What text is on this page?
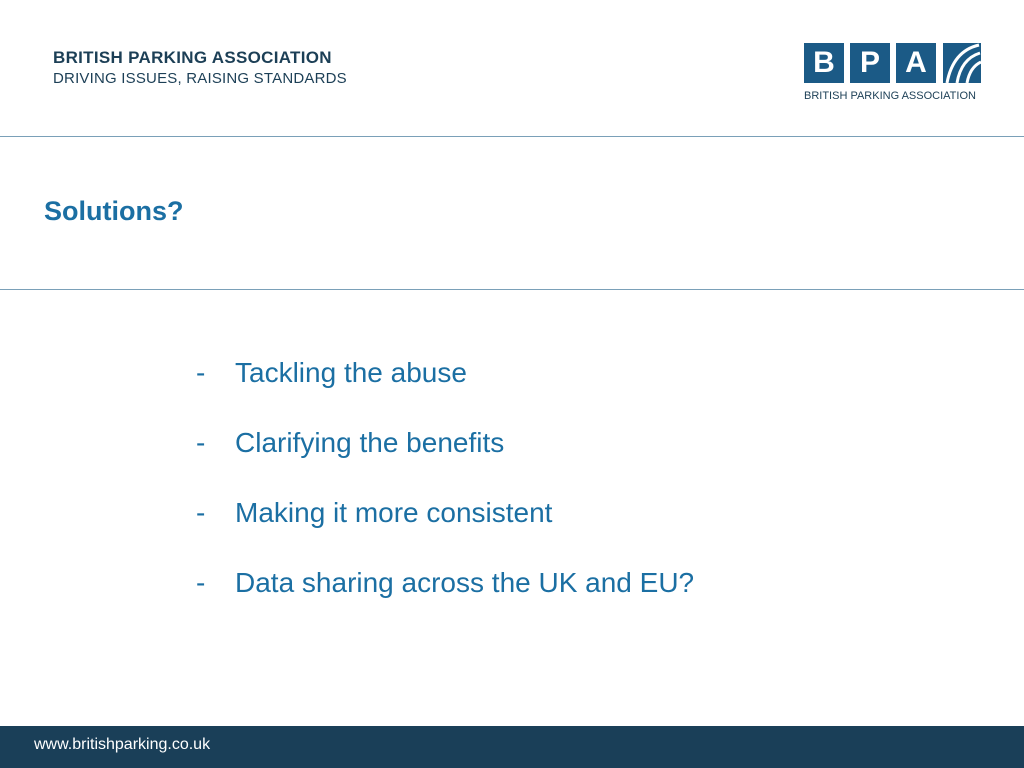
BRITISH PARKING ASSOCIATION
DRIVING ISSUES, RAISING STANDARDS	B P A
BRITISH PARKING ASSOCIATION
Solutions?
-	Tackling the abuse
-	Clarifying the benefits
-	Making it more consistent
-	Data sharing across the UK and EU?
www.britishparking.co.uk
